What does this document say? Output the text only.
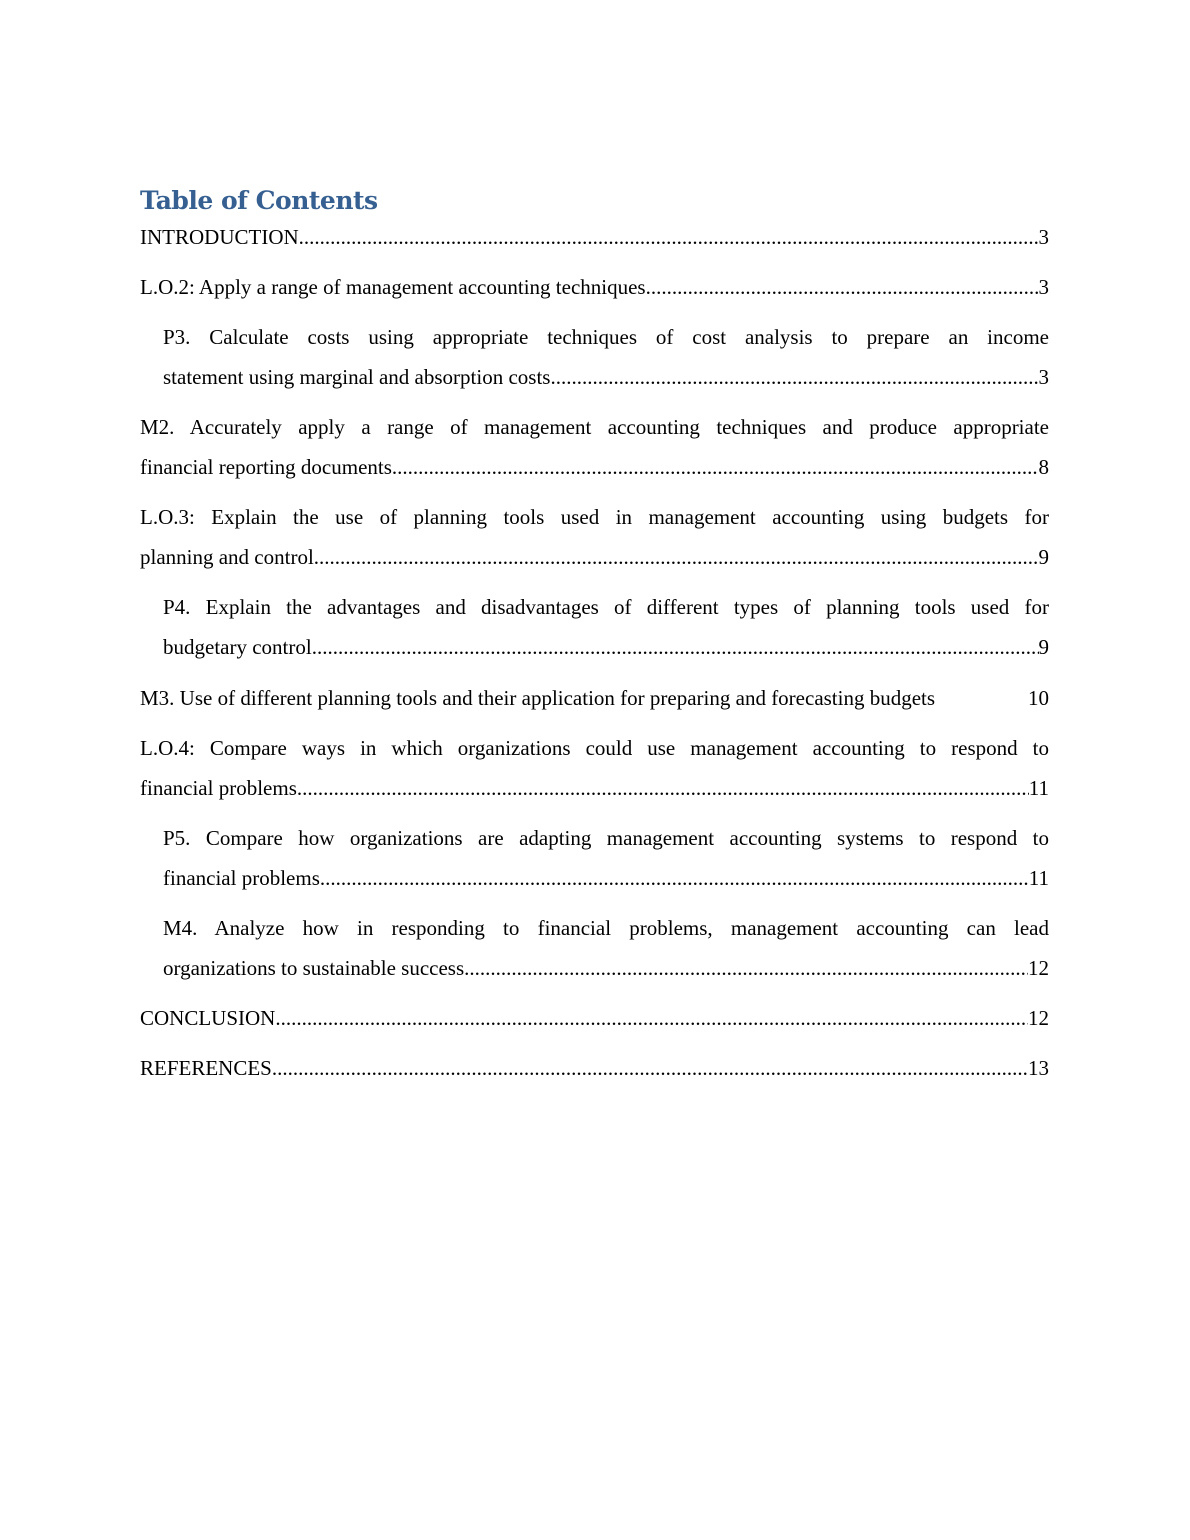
Table of Contents
INTRODUCTION .....	3
L.O.2: Apply a range of management accounting techniques .....	3
P3. Calculate costs using appropriate techniques of cost analysis to prepare an income
statement using marginal and absorption costs .....	3
M2. Accurately apply a range of management accounting techniques and produce appropriate
financial reporting documents .....	8
L.O.3: Explain the use of planning tools used in management accounting using budgets for
planning and control .....	9
P4. Explain the advantages and disadvantages of different types of planning tools used for
budgetary control .....	9
M3. Use of different planning tools and their application for preparing and forecasting budgets	10
L.O.4: Compare ways in which organizations could use management accounting to respond to
financial problems .....	11
P5. Compare how organizations are adapting management accounting systems to respond to
financial problems .....	11
M4. Analyze how in responding to financial problems, management accounting can lead
organizations to sustainable success .....	12
CONCLUSION .....	12
REFERENCES .....	13
